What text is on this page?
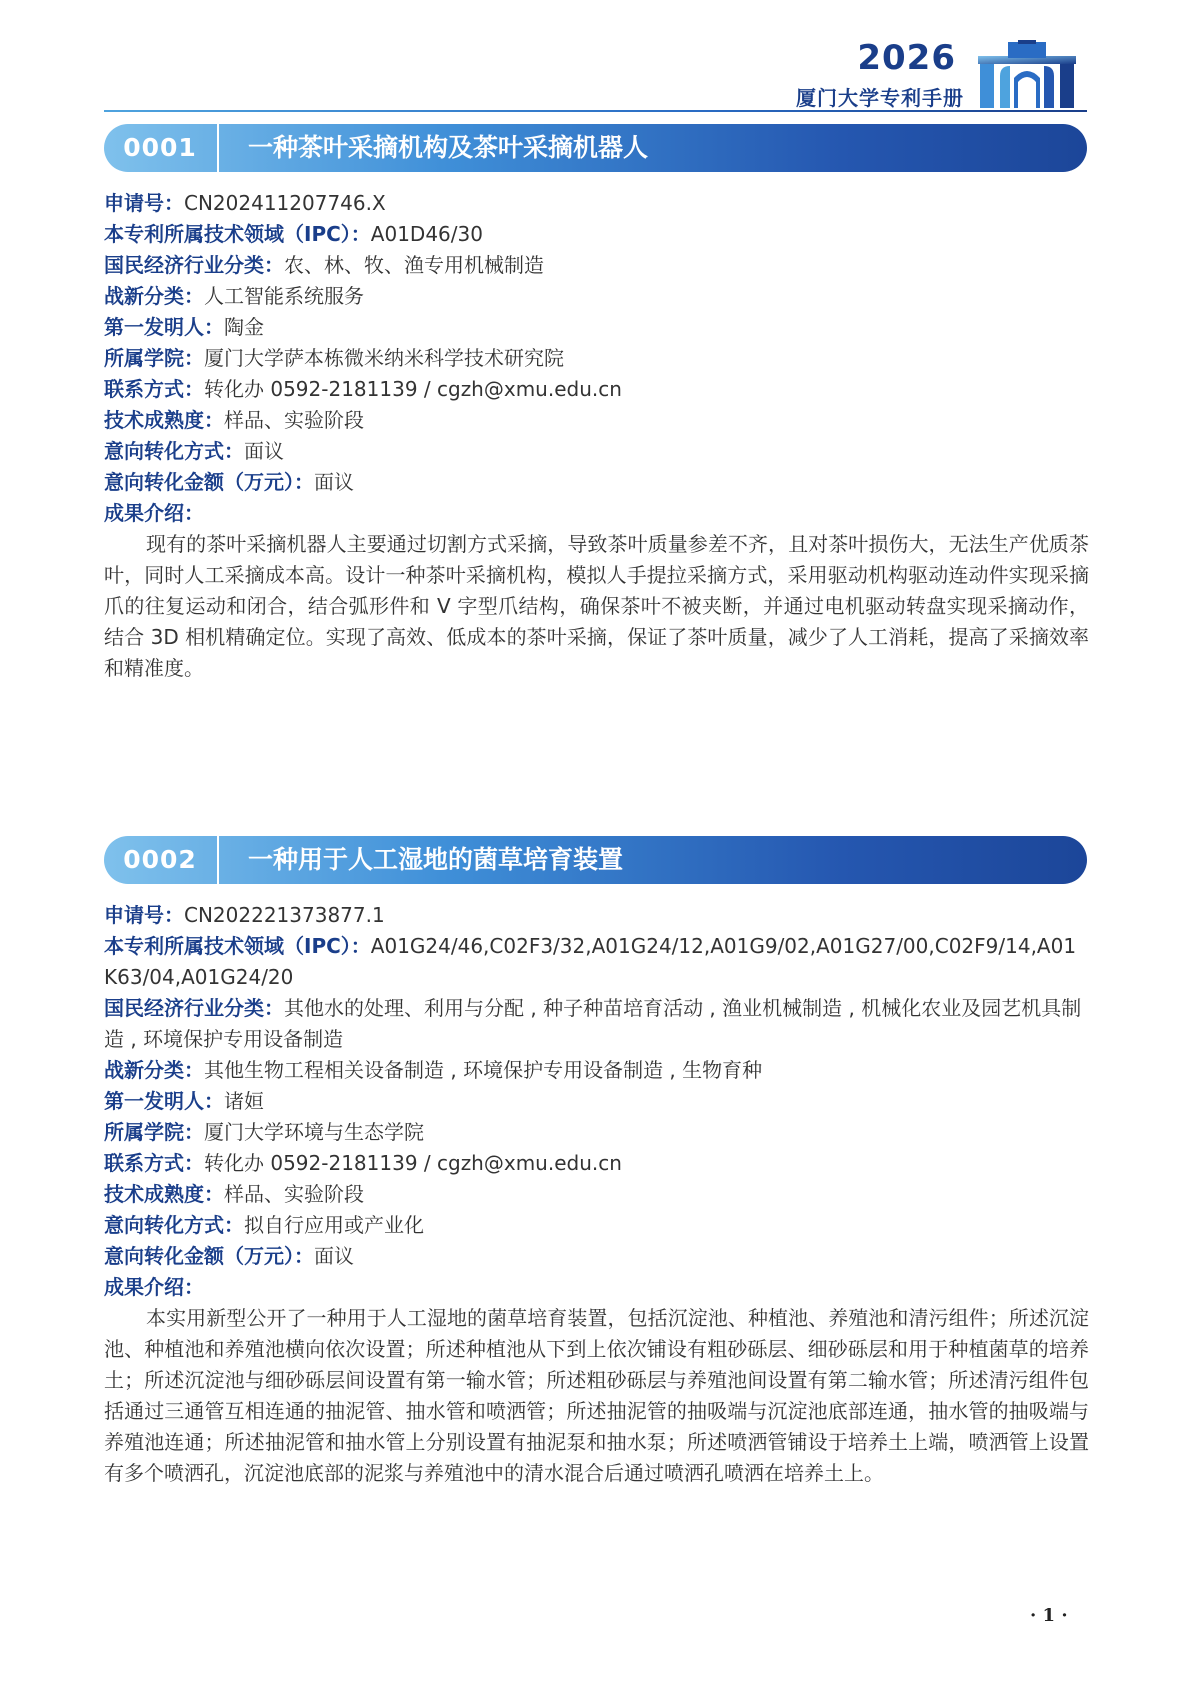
2026
厦门大学专利手册
0001	一种茶叶采摘机构及茶叶采摘机器人

申请号：CN202411207746.X

本专利所属技术领域（IPC）：A01D46/30

国民经济行业分类：农、林、牧、渔专用机械制造

战新分类：人工智能系统服务

第一发明人：陶金

所属学院：厦门大学萨本栋微米纳米科学技术研究院

联系方式：转化办 0592-2181139 / cgzh@xmu.edu.cn

技术成熟度：样品、实验阶段

意向转化方式：面议

意向转化金额（万元）：面议

成果介绍：

现有的茶叶采摘机器人主要通过切割方式采摘，导致茶叶质量参差不齐，且对茶叶损伤大，无法生产优质茶叶，同时人工采摘成本高。设计一种茶叶采摘机构，模拟人手提拉采摘方式，采用驱动机构驱动连动件实现采摘爪的往复运动和闭合，结合弧形件和 V 字型爪结构，确保茶叶不被夹断，并通过电机驱动转盘实现采摘动作，结合 3D 相机精确定位。实现了高效、低成本的茶叶采摘，保证了茶叶质量，减少了人工消耗，提高了采摘效率和精准度。

0002	一种用于人工湿地的菌草培育装置

申请号：CN202221373877.1

本专利所属技术领域（IPC）：A01G24/46,C02F3/32,A01G24/12,A01G9/02,A01G27/00,C02F9/14,A01K63/04,A01G24/20

国民经济行业分类：其他水的处理、利用与分配 , 种子种苗培育活动 , 渔业机械制造 , 机械化农业及园艺机具制造 , 环境保护专用设备制造

战新分类：其他生物工程相关设备制造 , 环境保护专用设备制造 , 生物育种

第一发明人：诸姮

所属学院：厦门大学环境与生态学院

联系方式：转化办 0592-2181139 / cgzh@xmu.edu.cn

技术成熟度：样品、实验阶段

意向转化方式：拟自行应用或产业化

意向转化金额（万元）：面议

成果介绍：

本实用新型公开了一种用于人工湿地的菌草培育装置，包括沉淀池、种植池、养殖池和清污组件；所述沉淀池、种植池和养殖池横向依次设置；所述种植池从下到上依次铺设有粗砂砾层、细砂砾层和用于种植菌草的培养土；所述沉淀池与细砂砾层间设置有第一输水管；所述粗砂砾层与养殖池间设置有第二输水管；所述清污组件包括通过三通管互相连通的抽泥管、抽水管和喷洒管；所述抽泥管的抽吸端与沉淀池底部连通，抽水管的抽吸端与养殖池连通；所述抽泥管和抽水管上分别设置有抽泥泵和抽水泵；所述喷洒管铺设于培养土上端，喷洒管上设置有多个喷洒孔，沉淀池底部的泥浆与养殖池中的清水混合后通过喷洒孔喷洒在培养土上。

· 1 ·
